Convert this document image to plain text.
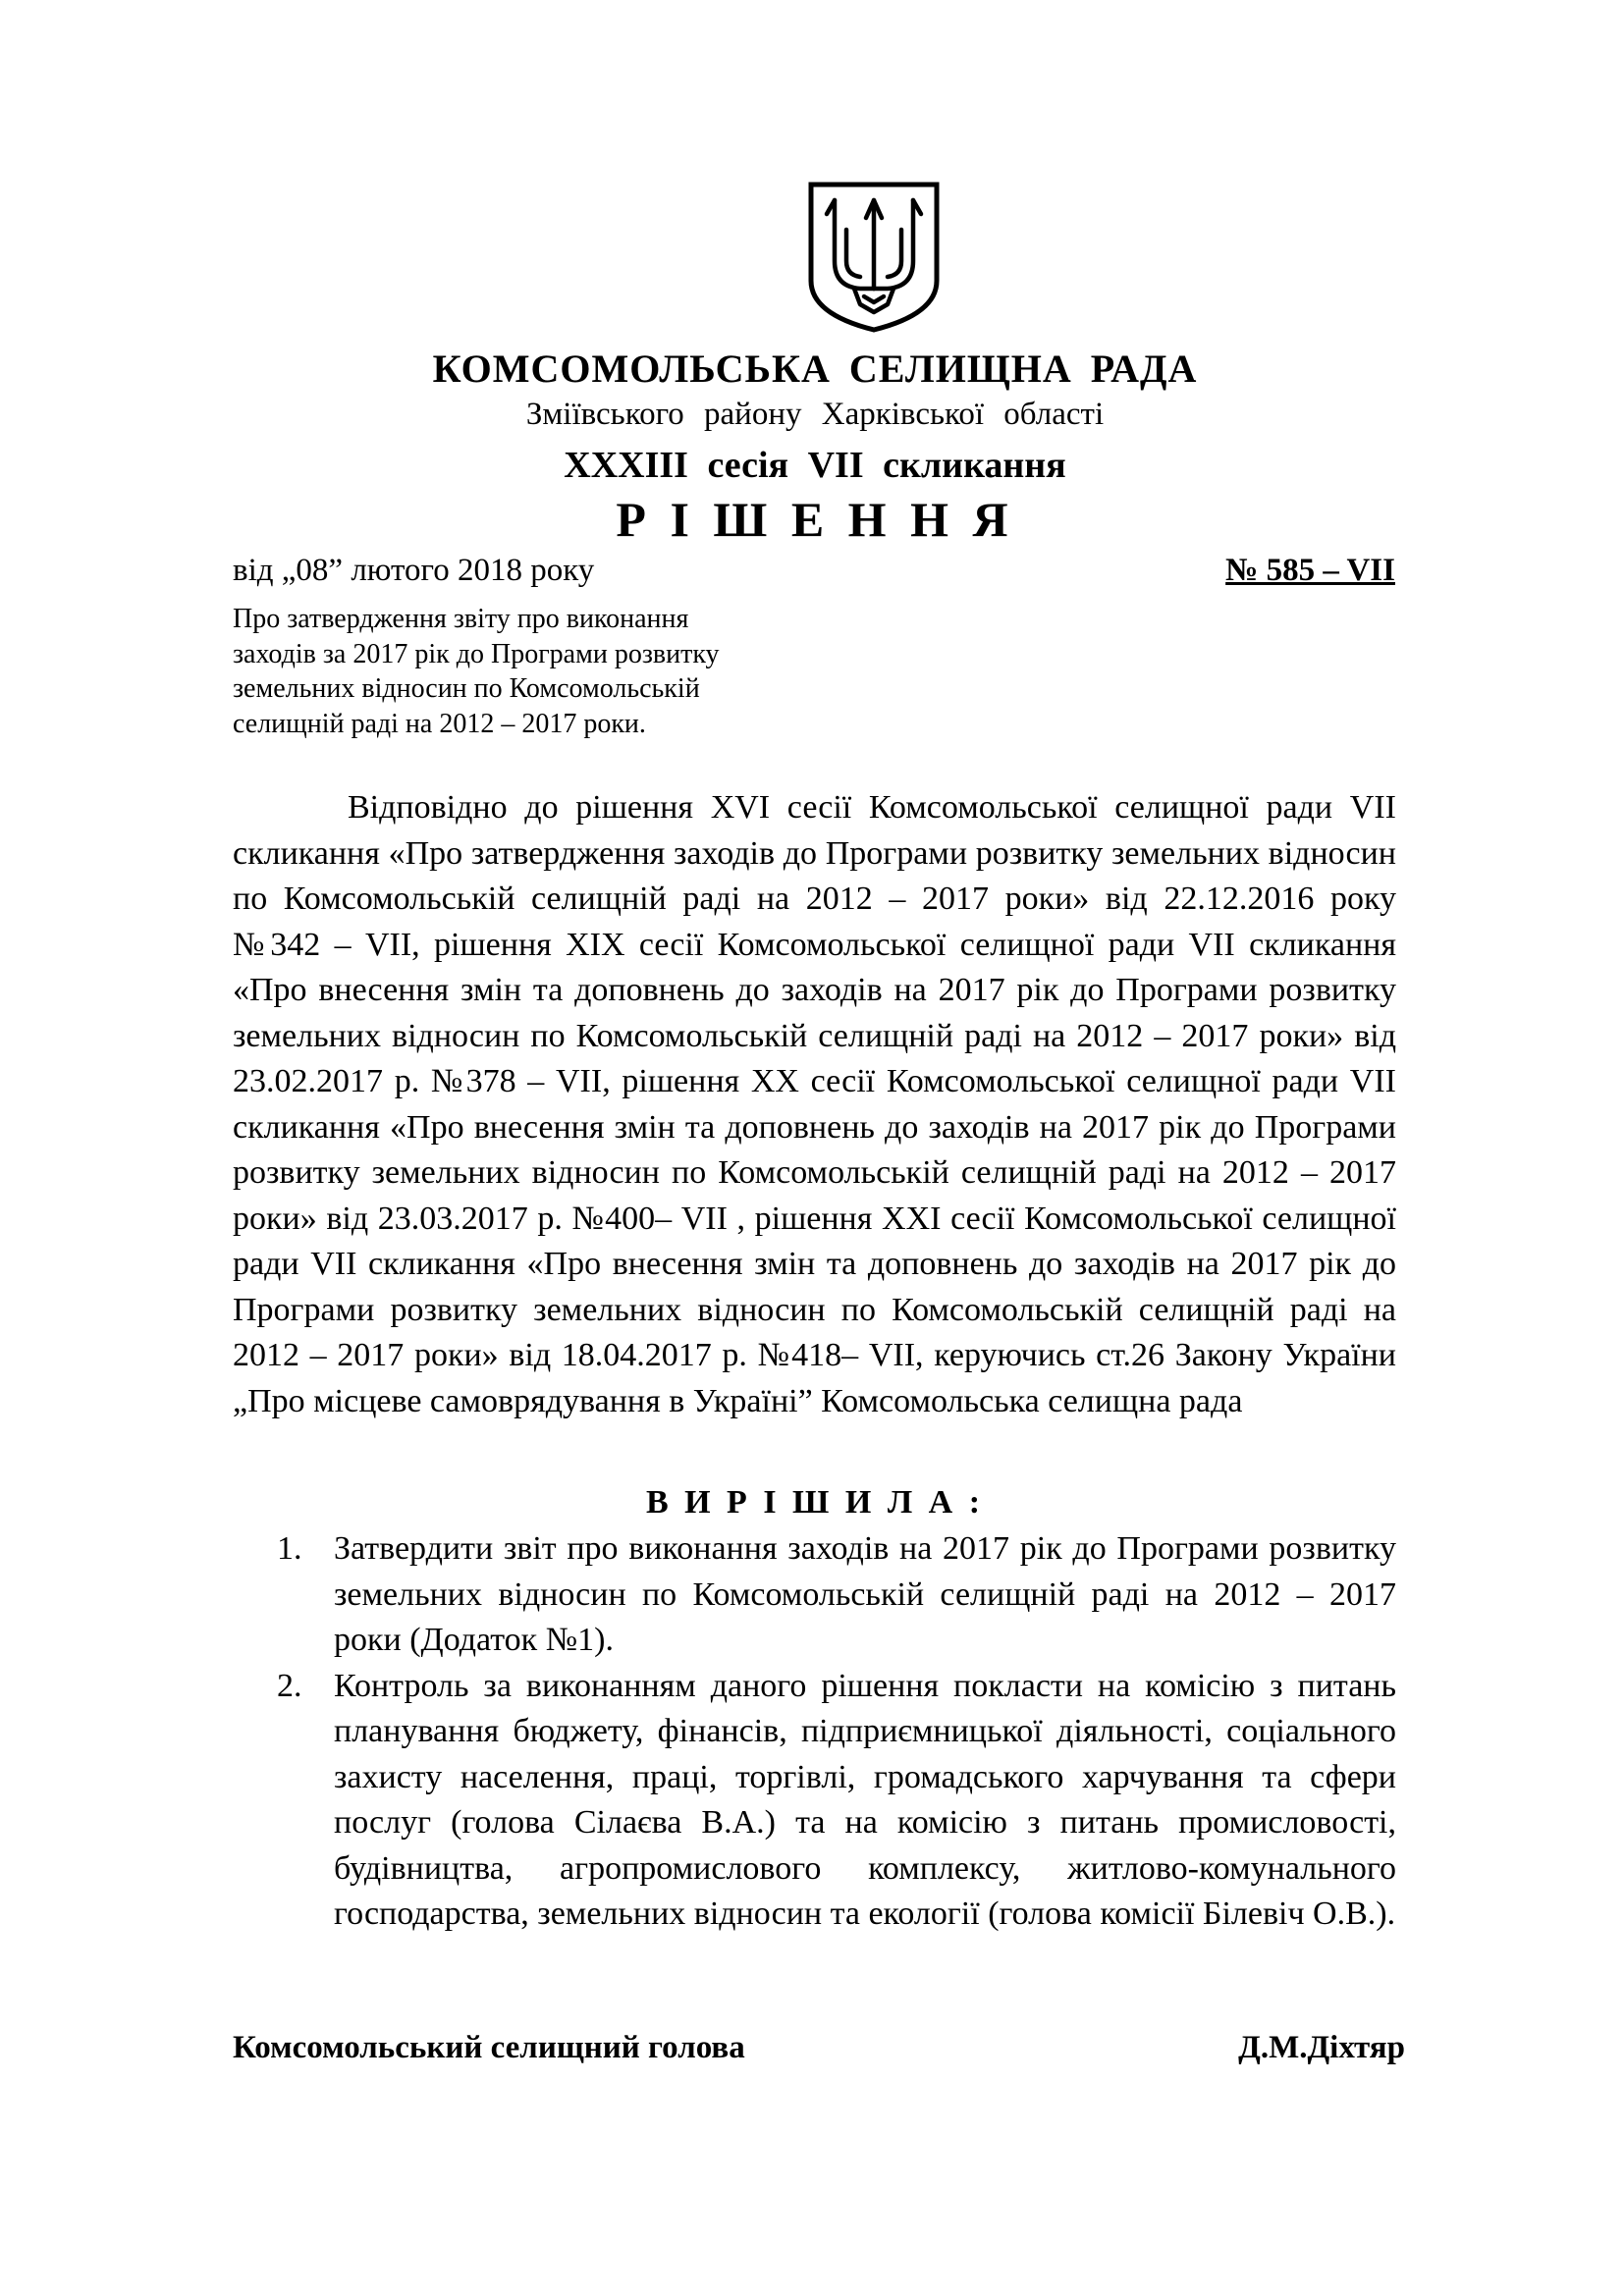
КОМСОМОЛЬСЬКА СЕЛИЩНА РАДА
Зміївського району Харківської області
XXXIII сесія VII скликання
Р І Ш Е Н Н Я
від „08” лютого 2018 року	№ 585 – VII
Про затвердження звіту про виконання
заходів за 2017 рік до Програми розвитку
земельних відносин по Комсомольській
селищній раді на 2012 – 2017 роки.

Відповідно до рішення XVI сесії Комсомольської селищної ради VII скликання «Про затвердження заходів до Програми розвитку земельних відносин по Комсомольській селищній раді на 2012 – 2017 роки» від 22.12.2016 року №342 – VII, рішення XIX сесії Комсомольської селищної ради VII скликання «Про внесення змін та доповнень до заходів на 2017 рік до Програми розвитку земельних відносин по Комсомольській селищній раді на 2012 – 2017 роки» від 23.02.2017 р. №378 – VII, рішення XX сесії Комсомольської селищної ради VII скликання «Про внесення змін та доповнень до заходів на 2017 рік до Програми розвитку земельних відносин по Комсомольській селищній раді на 2012 – 2017 роки» від 23.03.2017 р. №400– VII , рішення XXI сесії Комсомольської селищної ради VII скликання «Про внесення змін та доповнень до заходів на 2017 рік до Програми розвитку земельних відносин по Комсомольській селищній раді на 2012 – 2017 роки» від 18.04.2017 р. №418– VII, керуючись ст.26 Закону України „Про місцеве самоврядування в Україні” Комсомольська селищна рада

В И Р І Ш И Л А :
1. Затвердити звіт про виконання заходів на 2017 рік до Програми розвитку земельних відносин по Комсомольській селищній раді на 2012 – 2017 роки (Додаток №1).
2. Контроль за виконанням даного рішення покласти на комісію з питань планування бюджету, фінансів, підприємницької діяльності, соціального захисту населення, праці, торгівлі, громадського харчування та сфери послуг (голова Сілаєва В.А.) та на комісію з питань промисловості, будівництва, агропромислового комплексу, житлово-комунального господарства, земельних відносин та екології (голова комісії Білевіч О.В.).
Комсомольський селищний голова	Д.М.Діхтяр
